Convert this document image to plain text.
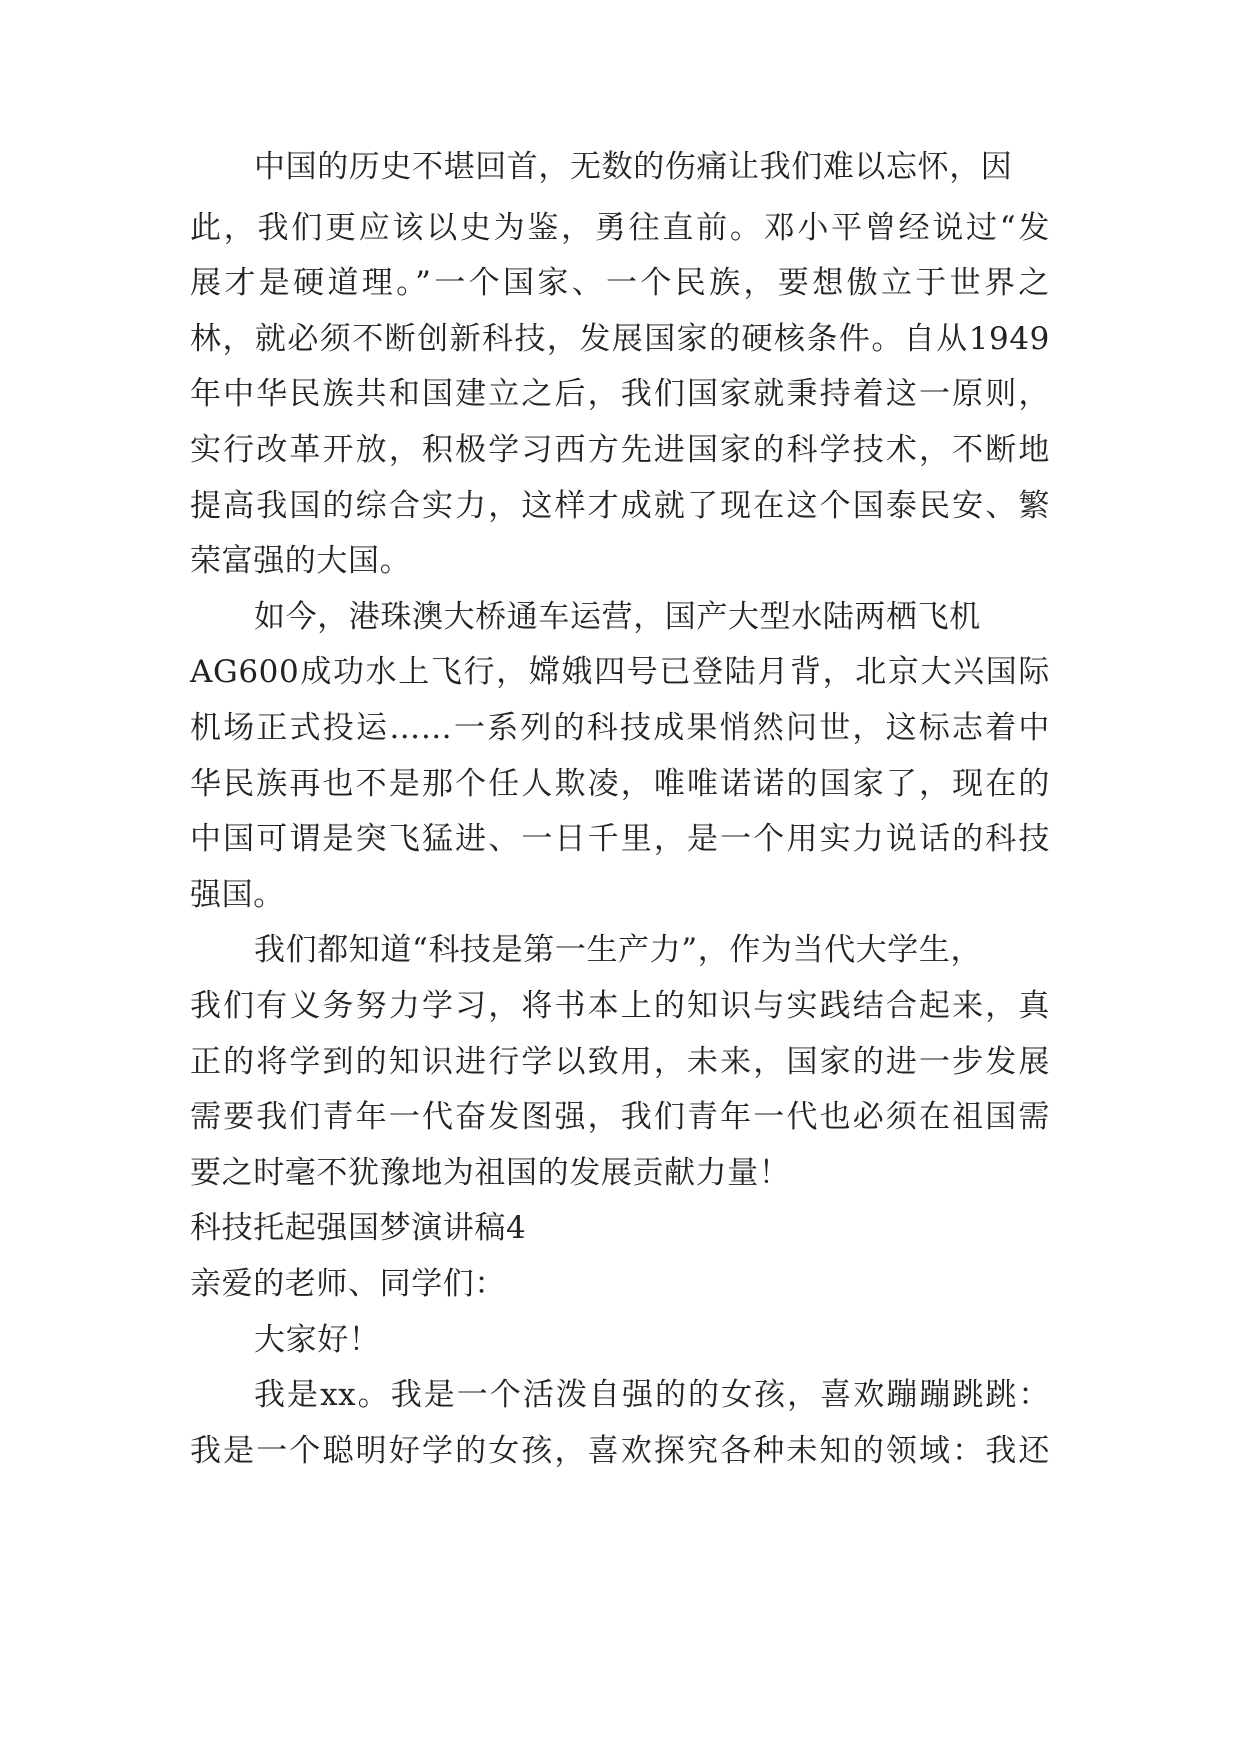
中国的历史不堪回首，无数的伤痛让我们难以忘怀，因
此，我们更应该以史为鉴，勇往直前。邓小平曾经说过“发
展才是硬道理。”一个国家、一个民族，要想傲立于世界之
林，就必须不断创新科技，发展国家的硬核条件。自从1949
年中华民族共和国建立之后，我们国家就秉持着这一原则，
实行改革开放，积极学习西方先进国家的科学技术，不断地
提高我国的综合实力，这样才成就了现在这个国泰民安、繁
荣富强的大国。
如今，港珠澳大桥通车运营，国产大型水陆两栖飞机
AG600成功水上飞行，嫦娥四号已登陆月背，北京大兴国际
机场正式投运……一系列的科技成果悄然问世，这标志着中
华民族再也不是那个任人欺凌，唯唯诺诺的国家了，现在的
中国可谓是突飞猛进、一日千里，是一个用实力说话的科技
强国。
我们都知道“科技是第一生产力”，作为当代大学生，
我们有义务努力学习，将书本上的知识与实践结合起来，真
正的将学到的知识进行学以致用，未来，国家的进一步发展
需要我们青年一代奋发图强，我们青年一代也必须在祖国需
要之时毫不犹豫地为祖国的发展贡献力量！
科技托起强国梦演讲稿4
亲爱的老师、同学们：
大家好！
我是xx。我是一个活泼自强的的女孩，喜欢蹦蹦跳跳：
我是一个聪明好学的女孩，喜欢探究各种未知的领域：我还
